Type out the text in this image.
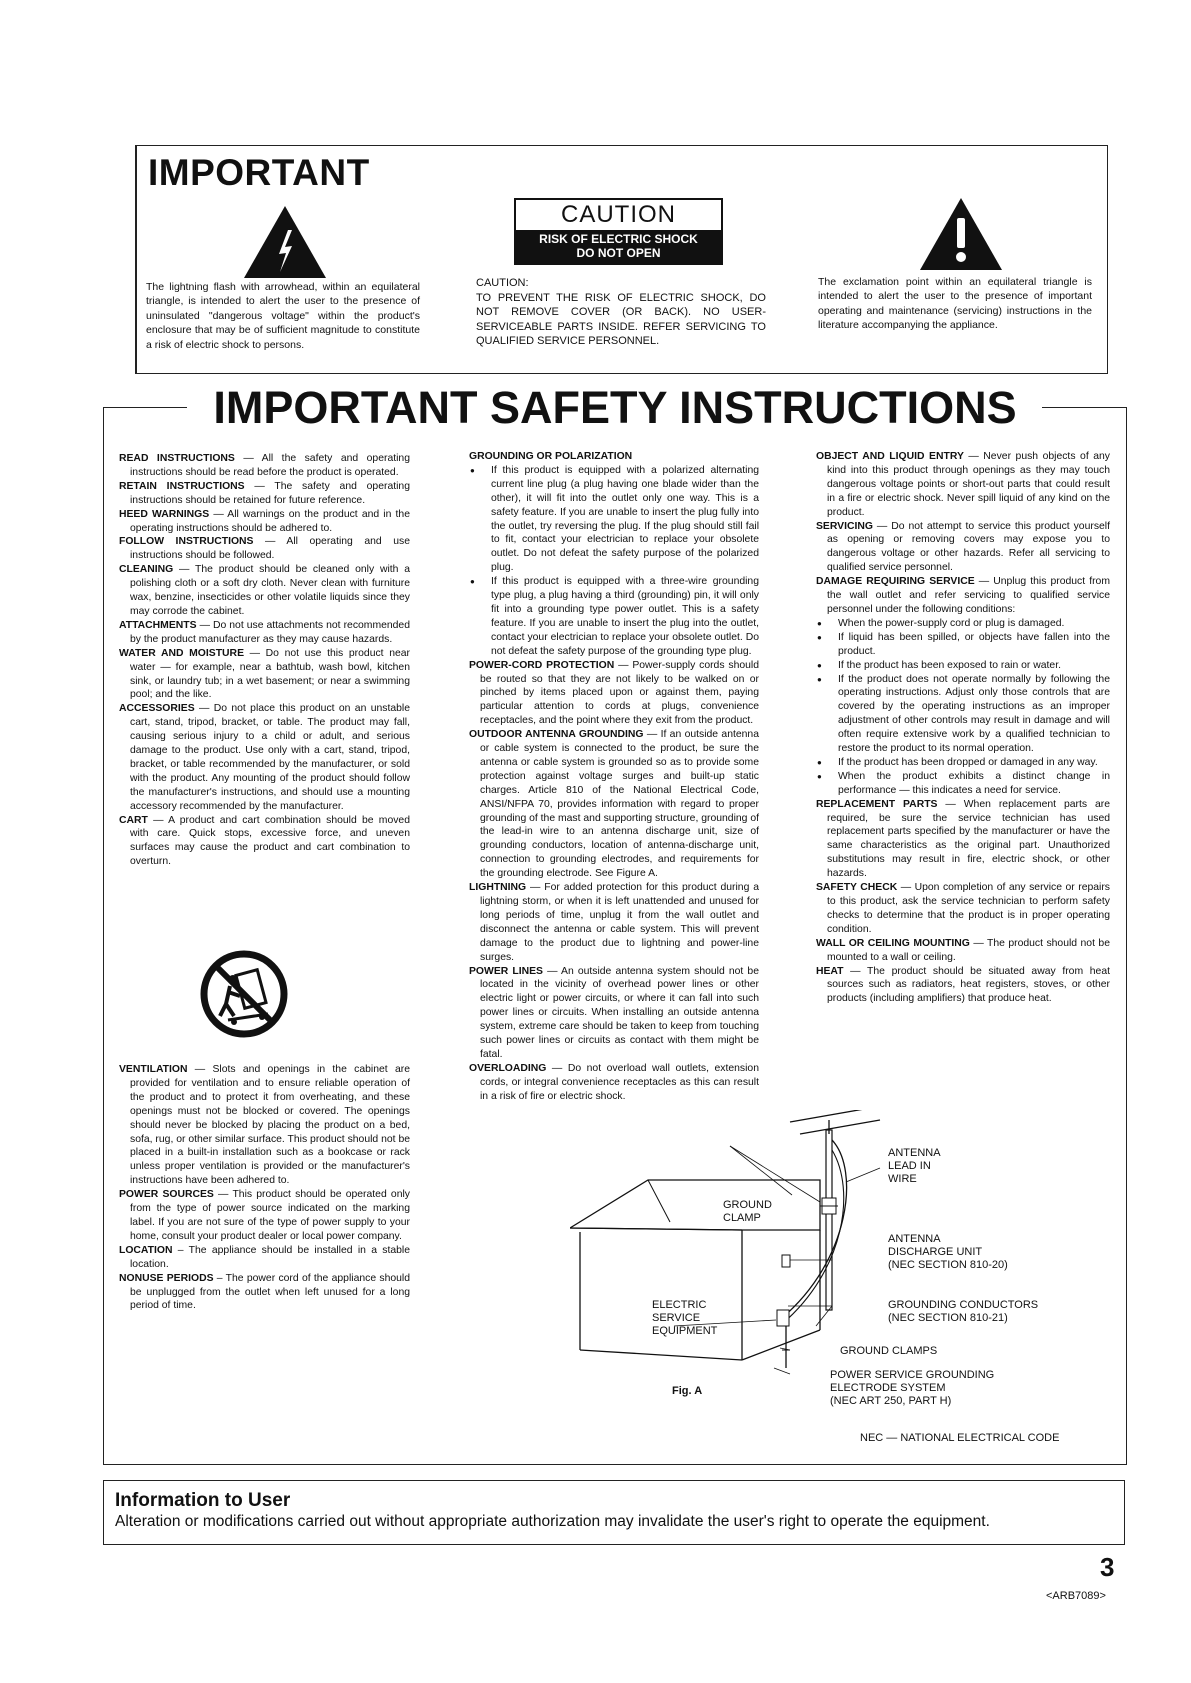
IMPORTANT
The lightning flash with arrowhead, within an equilateral triangle, is intended to alert the user to the presence of uninsulated "dangerous voltage" within the product's enclosure that may be of sufficient magnitude to constitute a risk of electric shock to persons.
CAUTION
RISK OF ELECTRIC SHOCK
DO NOT OPEN
CAUTION:
TO PREVENT THE RISK OF ELECTRIC SHOCK, DO NOT REMOVE COVER (OR BACK). NO USER-SERVICEABLE PARTS INSIDE. REFER SERVICING TO QUALIFIED SERVICE PERSONNEL.
The exclamation point within an equilateral triangle is intended to alert the user to the presence of important operating and maintenance (servicing) instructions in the literature accompanying the appliance.
IMPORTANT SAFETY INSTRUCTIONS

READ INSTRUCTIONS — All the safety and operating instructions should be read before the product is operated.

RETAIN INSTRUCTIONS — The safety and operating instructions should be retained for future reference.

HEED WARNINGS — All warnings on the product and in the operating instructions should be adhered to.

FOLLOW INSTRUCTIONS — All operating and use instructions should be followed.

CLEANING — The product should be cleaned only with a polishing cloth or a soft dry cloth. Never clean with furniture wax, benzine, insecticides or other volatile liquids since they may corrode the cabinet.

ATTACHMENTS — Do not use attachments not recommended by the product manufacturer as they may cause hazards.

WATER AND MOISTURE — Do not use this product near water — for example, near a bathtub, wash bowl, kitchen sink, or laundry tub; in a wet basement; or near a swimming pool; and the like.

ACCESSORIES — Do not place this product on an unstable cart, stand, tripod, bracket, or table. The product may fall, causing serious injury to a child or adult, and serious damage to the product. Use only with a cart, stand, tripod, bracket, or table recommended by the manufacturer, or sold with the product. Any mounting of the product should follow the manufacturer's instructions, and should use a mounting accessory recommended by the manufacturer.

CART — A product and cart combination should be moved with care. Quick stops, excessive force, and uneven surfaces may cause the product and cart combination to overturn.

VENTILATION — Slots and openings in the cabinet are provided for ventilation and to ensure reliable operation of the product and to protect it from overheating, and these openings must not be blocked or covered. The openings should never be blocked by placing the product on a bed, sofa, rug, or other similar surface. This product should not be placed in a built-in installation such as a bookcase or rack unless proper ventilation is provided or the manufacturer's instructions have been adhered to.

POWER SOURCES — This product should be operated only from the type of power source indicated on the marking label. If you are not sure of the type of power supply to your home, consult your product dealer or local power company.

LOCATION – The appliance should be installed in a stable location.

NONUSE PERIODS – The power cord of the appliance should be unplugged from the outlet when left unused for a long period of time.

GROUNDING OR POLARIZATION
● If this product is equipped with a polarized alternating current line plug (a plug having one blade wider than the other), it will fit into the outlet only one way. This is a safety feature. If you are unable to insert the plug fully into the outlet, try reversing the plug. If the plug should still fail to fit, contact your electrician to replace your obsolete outlet. Do not defeat the safety purpose of the polarized plug.
● If this product is equipped with a three-wire grounding type plug, a plug having a third (grounding) pin, it will only fit into a grounding type power outlet. This is a safety feature. If you are unable to insert the plug into the outlet, contact your electrician to replace your obsolete outlet. Do not defeat the safety purpose of the grounding type plug.

POWER-CORD PROTECTION — Power-supply cords should be routed so that they are not likely to be walked on or pinched by items placed upon or against them, paying particular attention to cords at plugs, convenience receptacles, and the point where they exit from the product.

OUTDOOR ANTENNA GROUNDING — If an outside antenna or cable system is connected to the product, be sure the antenna or cable system is grounded so as to provide some protection against voltage surges and built-up static charges. Article 810 of the National Electrical Code, ANSI/NFPA 70, provides information with regard to proper grounding of the mast and supporting structure, grounding of the lead-in wire to an antenna discharge unit, size of grounding conductors, location of antenna-discharge unit, connection to grounding electrodes, and requirements for the grounding electrode. See Figure A.

LIGHTNING — For added protection for this product during a lightning storm, or when it is left unattended and unused for long periods of time, unplug it from the wall outlet and disconnect the antenna or cable system. This will prevent damage to the product due to lightning and power-line surges.

POWER LINES — An outside antenna system should not be located in the vicinity of overhead power lines or other electric light or power circuits, or where it can fall into such power lines or circuits. When installing an outside antenna system, extreme care should be taken to keep from touching such power lines or circuits as contact with them might be fatal.

OVERLOADING — Do not overload wall outlets, extension cords, or integral convenience receptacles as this can result in a risk of fire or electric shock.

OBJECT AND LIQUID ENTRY — Never push objects of any kind into this product through openings as they may touch dangerous voltage points or short-out parts that could result in a fire or electric shock. Never spill liquid of any kind on the product.

SERVICING — Do not attempt to service this product yourself as opening or removing covers may expose you to dangerous voltage or other hazards. Refer all servicing to qualified service personnel.

DAMAGE REQUIRING SERVICE — Unplug this product from the wall outlet and refer servicing to qualified service personnel under the following conditions:

● When the power-supply cord or plug is damaged.
● If liquid has been spilled, or objects have fallen into the product.
● If the product has been exposed to rain or water.
● If the product does not operate normally by following the operating instructions. Adjust only those controls that are covered by the operating instructions as an improper adjustment of other controls may result in damage and will often require extensive work by a qualified technician to restore the product to its normal operation.
● If the product has been dropped or damaged in any way.
● When the product exhibits a distinct change in performance — this indicates a need for service.

REPLACEMENT PARTS — When replacement parts are required, be sure the service technician has used replacement parts specified by the manufacturer or have the same characteristics as the original part. Unauthorized substitutions may result in fire, electric shock, or other hazards.

SAFETY CHECK — Upon completion of any service or repairs to this product, ask the service technician to perform safety checks to determine that the product is in proper operating condition.

WALL OR CEILING MOUNTING — The product should not be mounted to a wall or ceiling.

HEAT — The product should be situated away from heat sources such as radiators, heat registers, stoves, or other products (including amplifiers) that produce heat.

ANTENNA
LEAD IN
WIRE
GROUND
CLAMP
ANTENNA
DISCHARGE UNIT
(NEC SECTION 810-20)
ELECTRIC
SERVICE
EQUIPMENT
GROUNDING CONDUCTORS
(NEC SECTION 810-21)
GROUND CLAMPS
POWER SERVICE GROUNDING
ELECTRODE SYSTEM
(NEC ART 250, PART H)
Fig. A
NEC — NATIONAL ELECTRICAL CODE
Information to User
Alteration or modifications carried out without appropriate authorization may invalidate the user's right to operate the equipment.
3
<ARB7089>
